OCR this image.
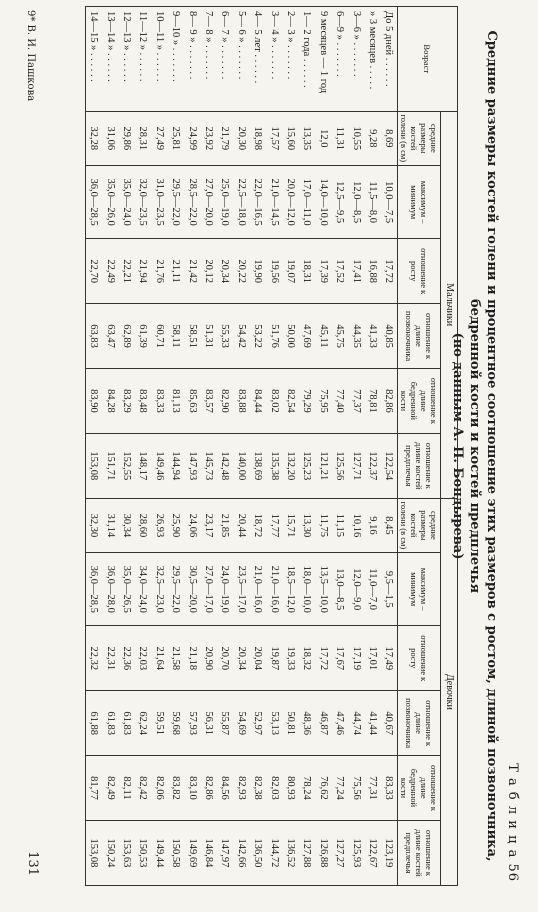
Т а б л и ц а 56
Средние размеры костей голени и процентное соотношение этих размеров с ростом, длиной позвоночника, бедренной кости и костей предплечья
(по данным А. П. Бондырева)
Возраст	Мальчики						Девочки					
	средние размеры костей голени (в см)	максимум – минимум	отношение к росту	отношение к длине позвоночника	отношение к длине бедренной кости	отношение к длине костей предплечья	средние размеры костей голени (в см)	максимум – минимум	отношение к росту	отношение к длине позвоночника	отношение к длине бедренной кости	отношение к длине костей предплечья
До 5 дней . . . . . .	8,69	10,0—7,5	17,72	40,85	82,86	122,54	8,45	9,5—1,5	17,49	40,67	83,33	123,19
» 3 месяцев . . . . .	9,28	11,5—8,0	16,88	41,33	78,81	122,37	9,16	11,0—7,0	17,01	41,44	77,31	122,67
3—6 » . . . . . . .	10,55	12,0—8,5	17,41	44,35	77,37	127,71	10,16	12,0—9,0	17,19	44,74	75,56	125,93
6—9 » . . . . . . .	11,31	12,5—9,5	17,52	45,75	77,40	125,56	11,15	13,0—8,5	17,67	47,46	77,24	127,27
9 месяцев — 1 год	12,0	14,0—10,0	17,39	45,11	75,95	121,21	11,75	13,5—10,0	17,72	46,87	76,62	126,88
1— 2 года . . . . . .	13,35	17,0—11,0	18,31	47,69	79,29	125,23	13,30	18,0—10,0	18,32	48,36	78,24	127,88
2— 3 » . . . . . . .	15,60	20,0—12,0	19,07	50,00	82,54	132,20	15,71	18,5—12,0	19,33	50,81	80,93	136,52
3— 4 » . . . . . . .	17,57	21,0—14,5	19,56	51,76	83,02	135,38	17,77	21,0—16,0	19,87	53,13	82,03	144,72
4— 5 лет . . . . . .	18,98	22,0—16,5	19,90	53,22	84,44	138,69	18,72	21,0—16,0	20,04	52,97	82,38	136,50
5— 6 » . . . . . . .	20,30	22,5—18,0	20,22	54,42	83,88	140,00	20,44	23,5—17,0	20,34	54,69	82,93	142,66
6— 7 » . . . . . . .	21,79	25,0—19,0	20,34	55,33	82,90	142,48	21,85	24,0—19,0	20,70	55,87	84,56	147,97
7— 8 » . . . . . . .	23,92	27,0—20,0	20,12	51,31	83,57	145,73	23,17	27,0—17,0	20,90	56,31	82,86	146,84
8— 9 » . . . . . . .	24,99	28,5—22,0	21,42	58,51	85,63	147,93	24,06	30,5—20,0	21,18	57,93	83,10	149,69
9—10 » . . . . . . .	25,81	29,5—22,0	21,11	58,11	81,13	144,94	25,90	29,5—22,0	21,58	59,68	83,82	150,58
10—11 » . . . . . .	27,49	31,0—23,5	21,76	60,71	83,33	149,46	26,93	32,5—23,0	21,64	59,51	82,06	149,44
11—12 » . . . . . .	28,31	32,0—23,5	21,94	61,39	83,48	148,17	28,60	34,0—24,0	22,03	62,24	82,42	150,53
12—13 » . . . . . .	29,86	35,0—24,0	22,21	62,89	83,29	152,55	30,34	35,0—26,5	22,36	61,83	82,11	153,63
13—14 » . . . . . .	31,06	35,0—26,0	22,49	63,47	84,28	151,71	31,14	36,0—28,0	22,31	61,83	82,49	150,24
14—15 » . . . . . .	32,28	36,0—28,5	22,70	63,83	83,90	153,08	32,30	36,0—28,5	22,32	61,88	81,77	153,08
9* В. И. Пашкова
131
